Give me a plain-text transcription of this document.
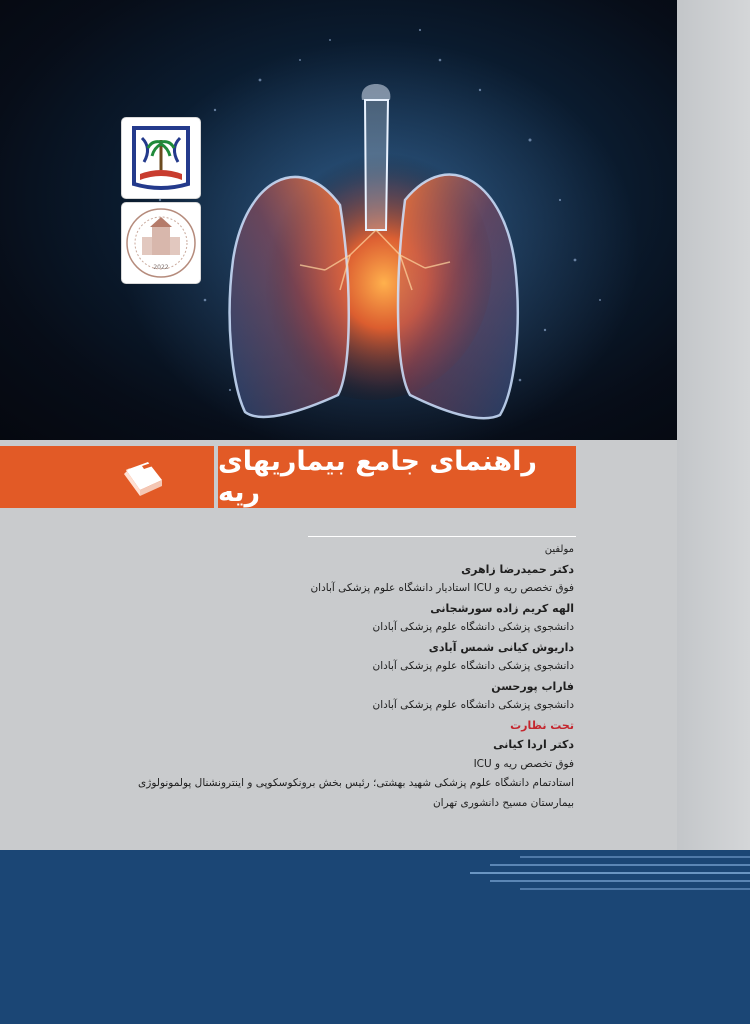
2022
راهنمای جامع بیماریهای ریه
مولفین
دکتر حمیدرضا زاهری
فوق تخصص ریه و ICU استادیار دانشگاه علوم پزشکی آبادان
الهه کریم زاده سورشجانی
دانشجوی پزشکی دانشگاه علوم پزشکی آبادان
داریوش کیانی شمس آبادی
دانشجوی پزشکی دانشگاه علوم پزشکی آبادان
فاراب پورحسن
دانشجوی پزشکی دانشگاه علوم پزشکی آبادان
تحت نظارت
دکتر اردا کیانی
فوق تخصص ریه و ICU
استادتمام دانشگاه علوم پزشکی شهید بهشتی؛ رئیس بخش برونکوسکوپی و اینترونشنال پولمونولوژی
بیمارستان مسیح دانشوری تهران
